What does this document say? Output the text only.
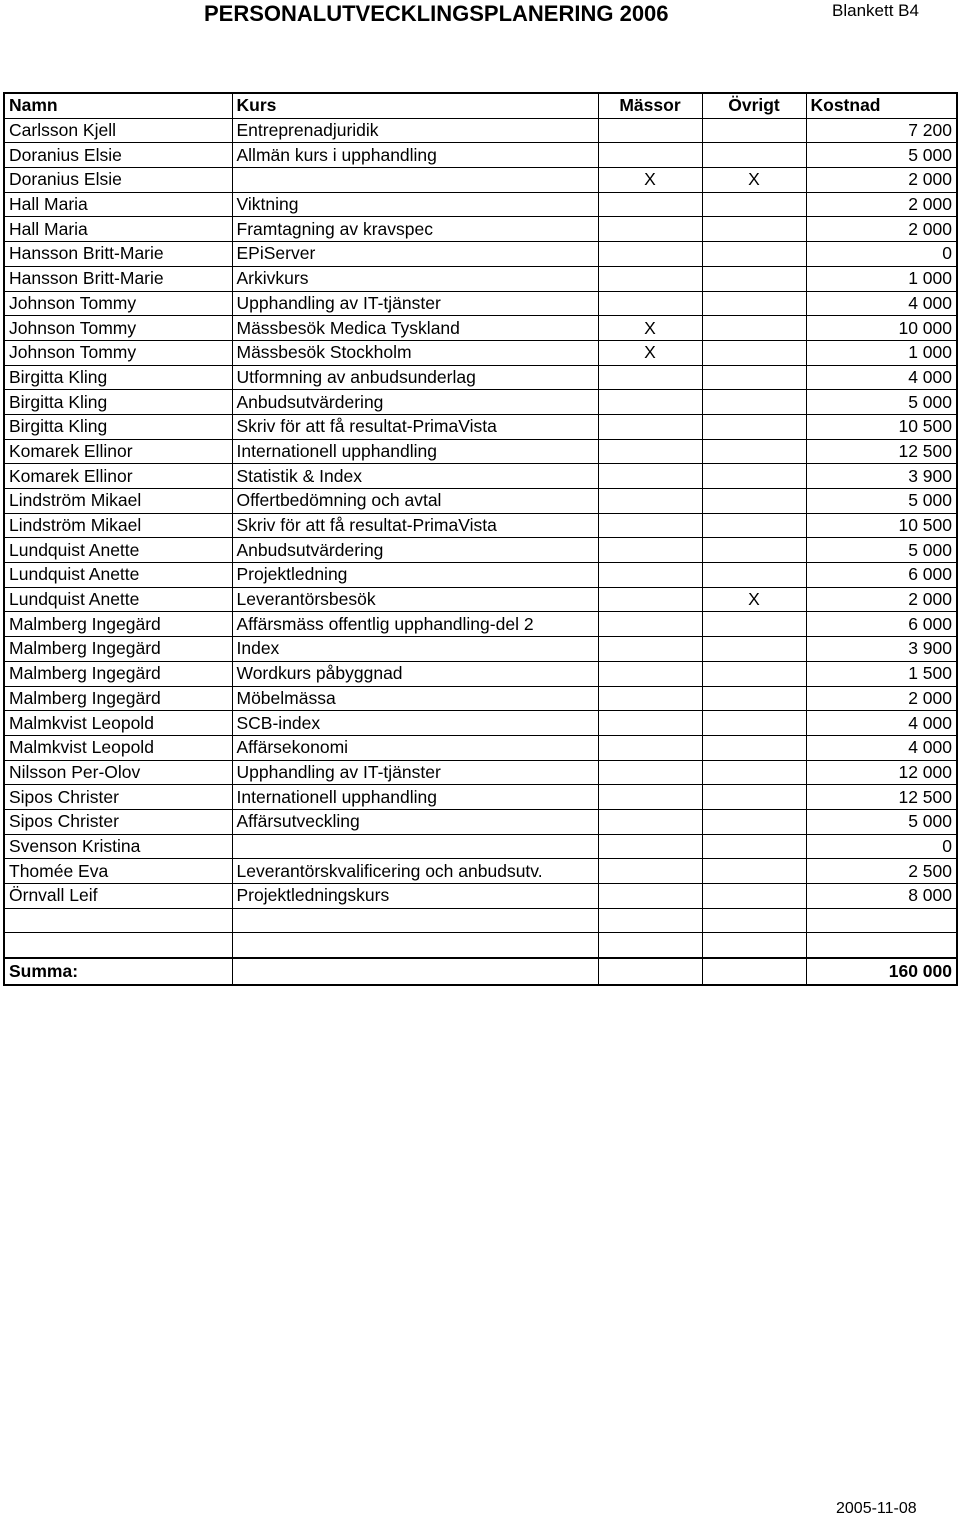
PERSONALUTVECKLINGSPLANERING 2006	Blankett B4
Namn	Kurs	Mässor	Övrigt	Kostnad
Carlsson Kjell	Entreprenadjuridik			7 200
Doranius Elsie	Allmän kurs i upphandling			5 000
Doranius Elsie		X	X	2 000
Hall Maria	Viktning			2 000
Hall Maria	Framtagning av kravspec			2 000
Hansson Britt-Marie	EPiServer			0
Hansson Britt-Marie	Arkivkurs			1 000
Johnson Tommy	Upphandling av IT-tjänster			4 000
Johnson Tommy	Mässbesök Medica Tyskland	X		10 000
Johnson Tommy	Mässbesök Stockholm	X		1 000
Birgitta Kling	Utformning av anbudsunderlag			4 000
Birgitta Kling	Anbudsutvärdering			5 000
Birgitta Kling	Skriv för att få resultat-PrimaVista			10 500
Komarek Ellinor	Internationell upphandling			12 500
Komarek Ellinor	Statistik & Index			3 900
Lindström Mikael	Offertbedömning och avtal			5 000
Lindström Mikael	Skriv för att få resultat-PrimaVista			10 500
Lundquist Anette	Anbudsutvärdering			5 000
Lundquist Anette	Projektledning			6 000
Lundquist Anette	Leverantörsbesök		X	2 000
Malmberg Ingegärd	Affärsmäss offentlig upphandling-del 2			6 000
Malmberg Ingegärd	Index			3 900
Malmberg Ingegärd	Wordkurs påbyggnad			1 500
Malmberg Ingegärd	Möbelmässa			2 000
Malmkvist Leopold	SCB-index			4 000
Malmkvist Leopold	Affärsekonomi			4 000
Nilsson Per-Olov	Upphandling av IT-tjänster			12 000
Sipos Christer	Internationell upphandling			12 500
Sipos Christer	Affärsutveckling			5 000
Svenson Kristina				0
Thomée Eva	Leverantörskvalificering och anbudsutv.			2 500
Örnvall Leif	Projektledningskurs			8 000

Summa:				160 000
2005-11-08
